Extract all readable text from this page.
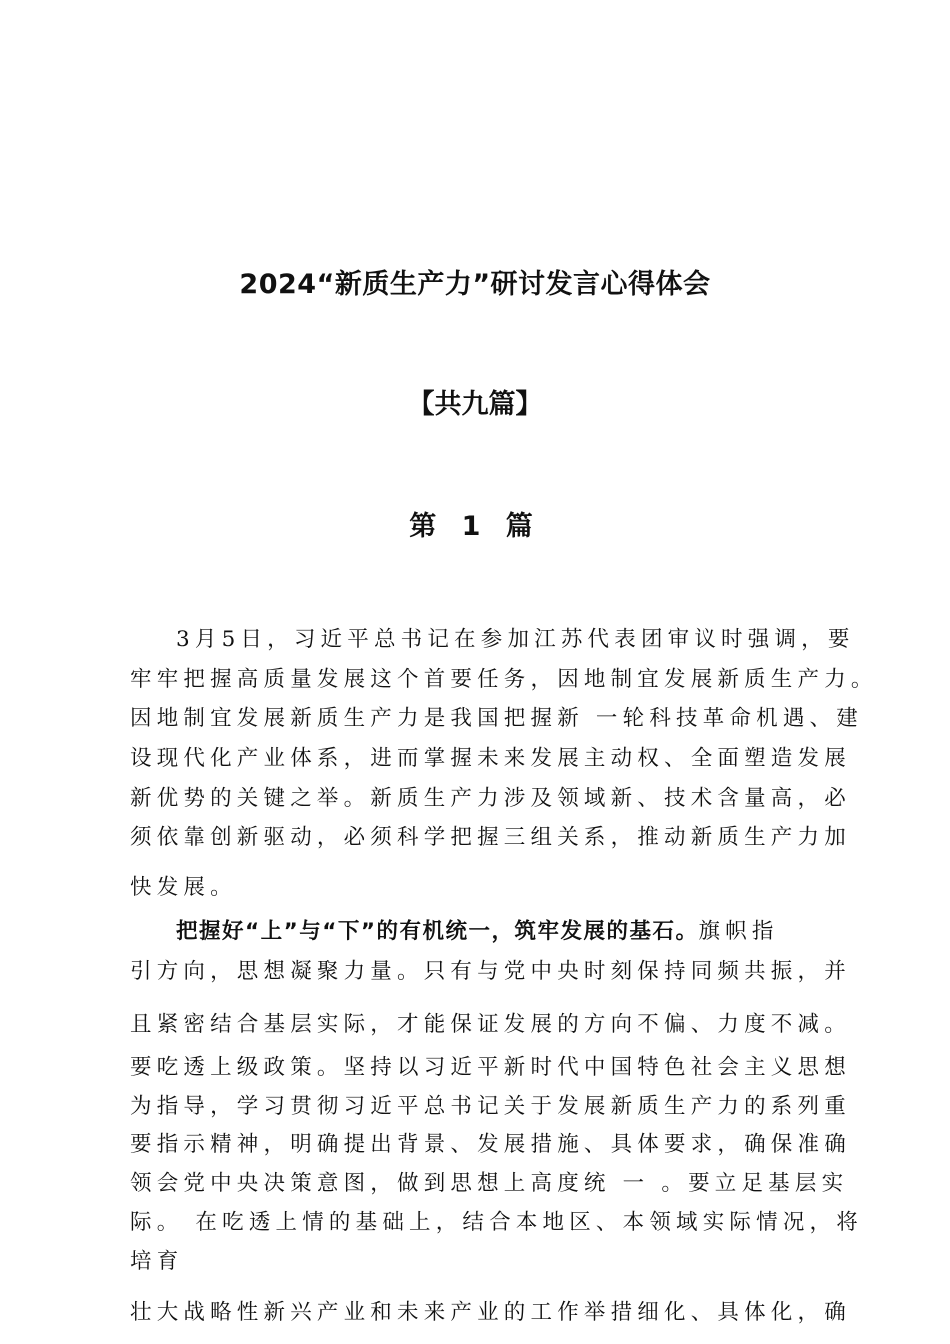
2024“新质生产力”研讨发言心得体会
【共九篇】
第 1 篇
3月5日，习近平总书记在参加江苏代表团审议时强调，要
牢牢把握高质量发展这个首要任务，因地制宜发展新质生产力。
因地制宜发展新质生产力是我国把握新 一轮科技革命机遇、建
设现代化产业体系，进而掌握未来发展主动权、全面塑造发展
新优势的关键之举。新质生产力涉及领域新、技术含量高，必
须依靠创新驱动，必须科学把握三组关系，推动新质生产力加
快发展。
把握好“上”与“下”的有机统一，筑牢发展的基石。旗帜指
引方向，思想凝聚力量。只有与党中央时刻保持同频共振，并
且紧密结合基层实际，才能保证发展的方向不偏、力度不减。
要吃透上级政策。坚持以习近平新时代中国特色社会主义思想
为指导，学习贯彻习近平总书记关于发展新质生产力的系列重
要指示精神，明确提出背景、发展措施、具体要求，确保准确
领会党中央决策意图，做到思想上高度统 一 。要立足基层实
际。 在吃透上情的基础上，结合本地区、本领域实际情况，将
培育
壮大战略性新兴产业和未来产业的工作举措细化、具体化，确
